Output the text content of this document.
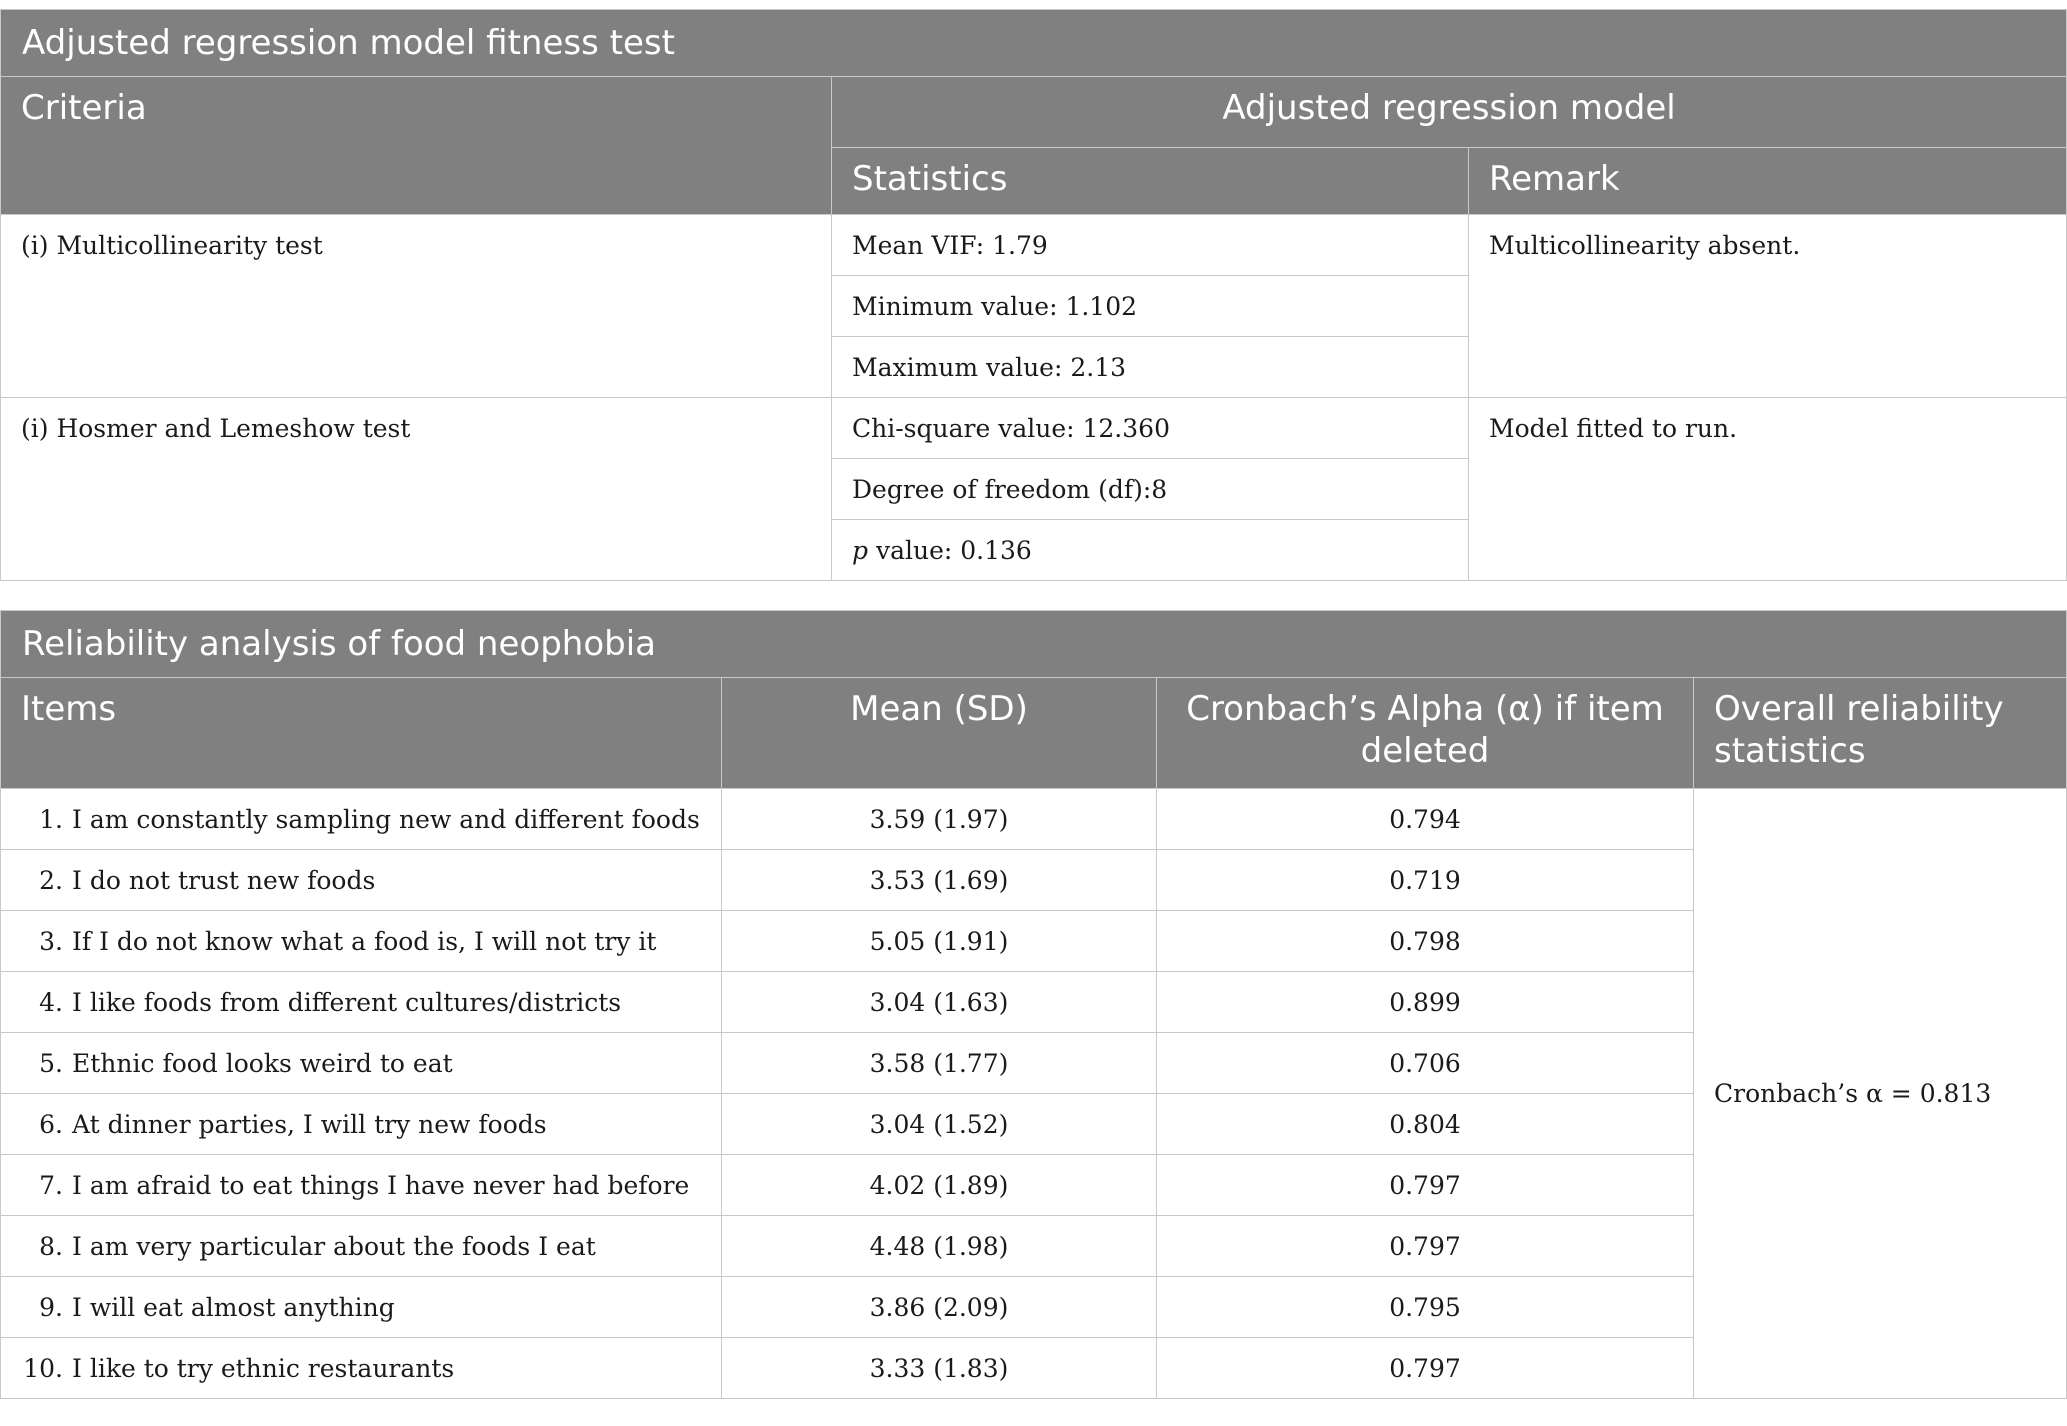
Adjusted regression model fitness test		
Criteria	Adjusted regression model	
	Statistics	Remark
(i) Multicollinearity test	Mean VIF: 1.79	Multicollinearity absent.
	Minimum value: 1.102	
	Maximum value: 2.13	
(i) Hosmer and Lemeshow test	Chi-square value: 12.360	Model fitted to run.
	Degree of freedom (df):8	
	p value: 0.136	
Reliability analysis of food neophobia			
Items	Mean (SD)	Cronbach’s Alpha (α) if item deleted	Overall reliability statistics
1. I am constantly sampling new and different foods	3.59 (1.97)	0.794	Cronbach’s α = 0.813
2. I do not trust new foods	3.53 (1.69)	0.719	
3. If I do not know what a food is, I will not try it	5.05 (1.91)	0.798	
4. I like foods from different cultures/districts	3.04 (1.63)	0.899	
5. Ethnic food looks weird to eat	3.58 (1.77)	0.706	
6. At dinner parties, I will try new foods	3.04 (1.52)	0.804	
7. I am afraid to eat things I have never had before	4.02 (1.89)	0.797	
8. I am very particular about the foods I eat	4.48 (1.98)	0.797	
9. I will eat almost anything	3.86 (2.09)	0.795	
10. I like to try ethnic restaurants	3.33 (1.83)	0.797	
